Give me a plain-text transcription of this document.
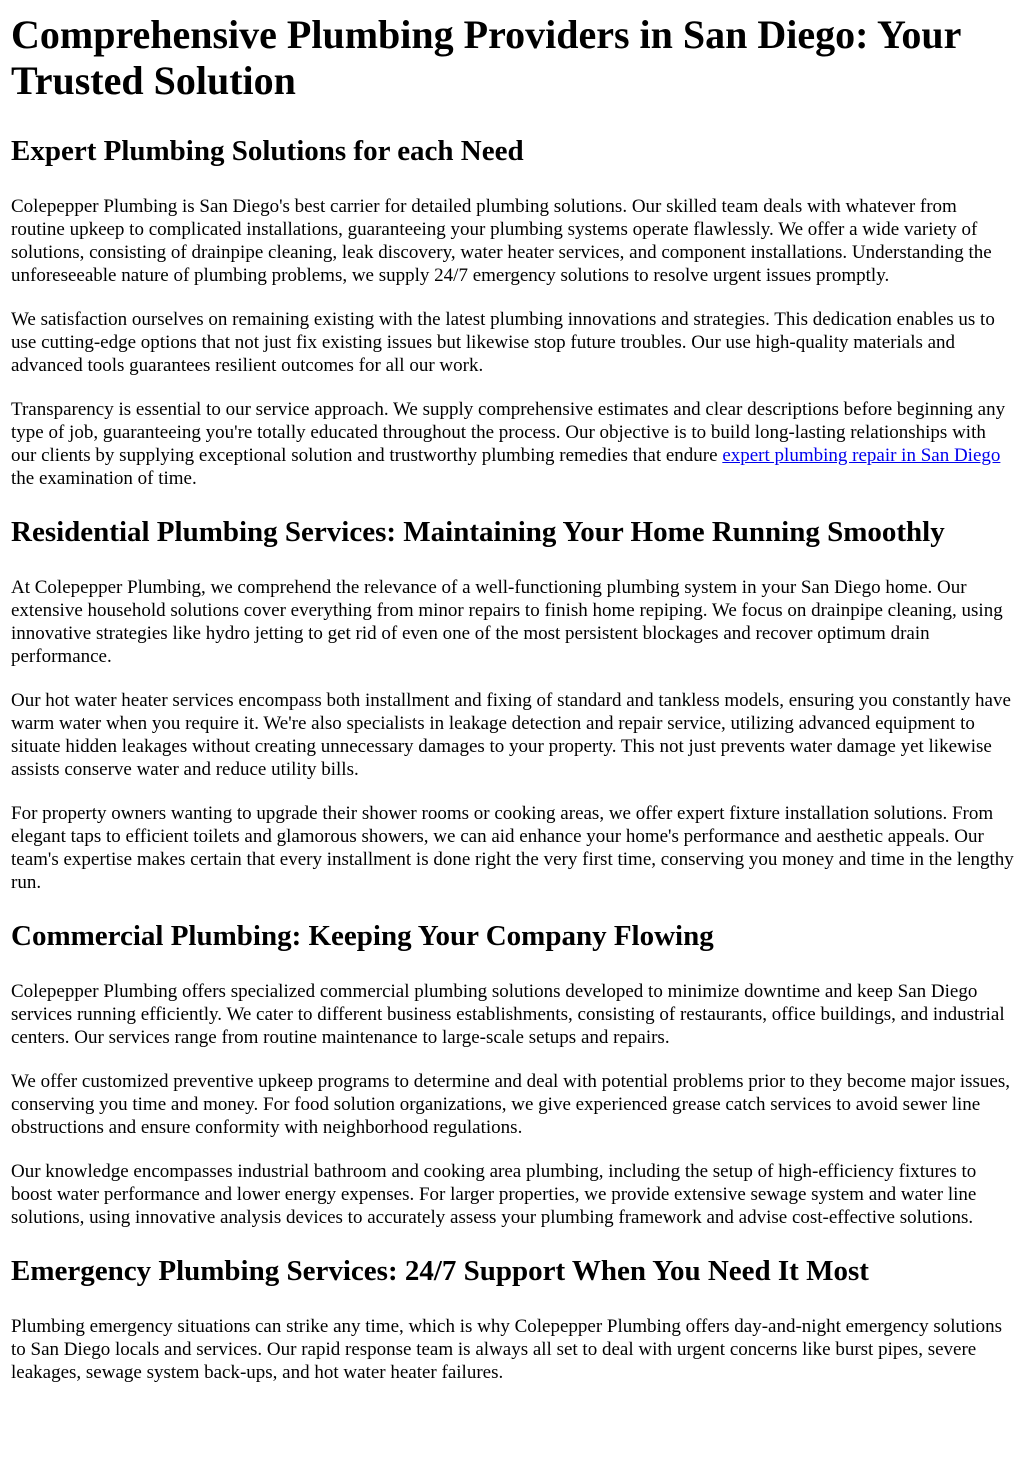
Comprehensive Plumbing Providers in San Diego: Your Trusted Solution
Expert Plumbing Solutions for each Need

Colepepper Plumbing is San Diego's best carrier for detailed plumbing solutions. Our skilled team deals with whatever from routine upkeep to complicated installations, guaranteeing your plumbing systems operate flawlessly. We offer a wide variety of solutions, consisting of drainpipe cleaning, leak discovery, water heater services, and component installations. Understanding the unforeseeable nature of plumbing problems, we supply 24/7 emergency solutions to resolve urgent issues promptly.

We satisfaction ourselves on remaining existing with the latest plumbing innovations and strategies. This dedication enables us to use cutting-edge options that not just fix existing issues but likewise stop future troubles. Our use high-quality materials and advanced tools guarantees resilient outcomes for all our work.

Transparency is essential to our service approach. We supply comprehensive estimates and clear descriptions before beginning any type of job, guaranteeing you're totally educated throughout the process. Our objective is to build long-lasting relationships with our clients by supplying exceptional solution and trustworthy plumbing remedies that endure expert plumbing repair in San Diego the examination of time.

Residential Plumbing Services: Maintaining Your Home Running Smoothly

At Colepepper Plumbing, we comprehend the relevance of a well-functioning plumbing system in your San Diego home. Our extensive household solutions cover everything from minor repairs to finish home repiping. We focus on drainpipe cleaning, using innovative strategies like hydro jetting to get rid of even one of the most persistent blockages and recover optimum drain performance.

Our hot water heater services encompass both installment and fixing of standard and tankless models, ensuring you constantly have warm water when you require it. We're also specialists in leakage detection and repair service, utilizing advanced equipment to situate hidden leakages without creating unnecessary damages to your property. This not just prevents water damage yet likewise assists conserve water and reduce utility bills.

For property owners wanting to upgrade their shower rooms or cooking areas, we offer expert fixture installation solutions. From elegant taps to efficient toilets and glamorous showers, we can aid enhance your home's performance and aesthetic appeals. Our team's expertise makes certain that every installment is done right the very first time, conserving you money and time in the lengthy run.

Commercial Plumbing: Keeping Your Company Flowing

Colepepper Plumbing offers specialized commercial plumbing solutions developed to minimize downtime and keep San Diego services running efficiently. We cater to different business establishments, consisting of restaurants, office buildings, and industrial centers. Our services range from routine maintenance to large-scale setups and repairs.

We offer customized preventive upkeep programs to determine and deal with potential problems prior to they become major issues, conserving you time and money. For food solution organizations, we give experienced grease catch services to avoid sewer line obstructions and ensure conformity with neighborhood regulations.

Our knowledge encompasses industrial bathroom and cooking area plumbing, including the setup of high-efficiency fixtures to boost water performance and lower energy expenses. For larger properties, we provide extensive sewage system and water line solutions, using innovative analysis devices to accurately assess your plumbing framework and advise cost-effective solutions.

Emergency Plumbing Services: 24/7 Support When You Need It Most

Plumbing emergency situations can strike any time, which is why Colepepper Plumbing offers day-and-night emergency solutions to San Diego locals and services. Our rapid response team is always all set to deal with urgent concerns like burst pipes, severe leakages, sewage system back-ups, and hot water heater failures.
